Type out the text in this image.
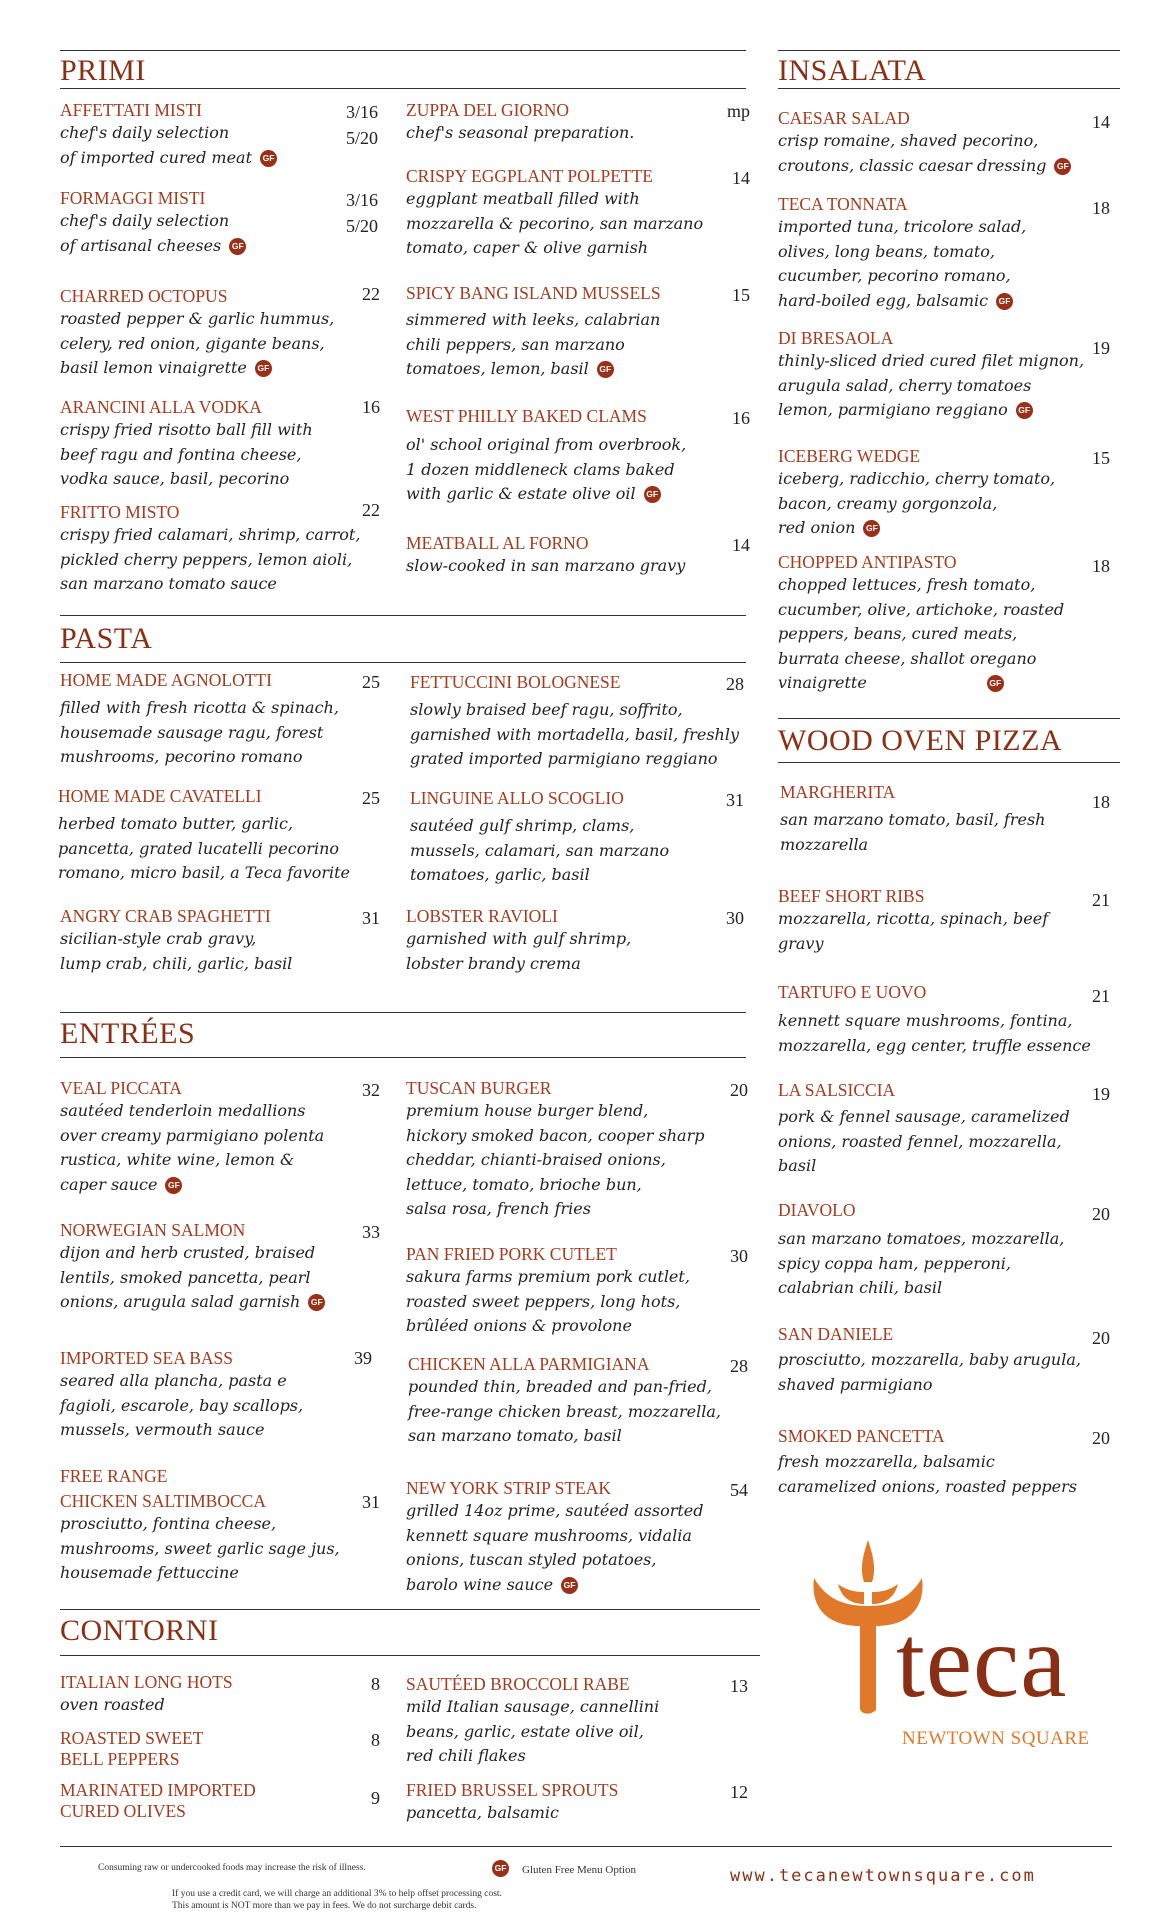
PRIMI
PASTA
ENTRÉES
CONTORNI
INSALATA
WOOD OVEN PIZZA
AFFETTATI MISTI
chef's daily selection
of imported cured meat GF
3/16
5/20
FORMAGGI MISTI
chef's daily selection
of artisanal cheeses GF
3/16
5/20
CHARRED OCTOPUS
roasted pepper & garlic hummus,
celery, red onion, gigante beans,
basil lemon vinaigrette GF
22
ARANCINI ALLA VODKA
crispy fried risotto ball fill with
beef ragu and fontina cheese,
vodka sauce, basil, pecorino
16
FRITTO MISTO
crispy fried calamari, shrimp, carrot,
pickled cherry peppers, lemon aioli,
san marzano tomato sauce
22
ZUPPA DEL GIORNO
chef's seasonal preparation.
mp
CRISPY EGGPLANT POLPETTE
eggplant meatball filled with
mozzarella & pecorino, san marzano
tomato, caper & olive garnish
14
SPICY BANG ISLAND MUSSELS
simmered with leeks, calabrian
chili peppers, san marzano
tomatoes, lemon, basil GF
15
WEST PHILLY BAKED CLAMS
ol' school original from overbrook,
1 dozen middleneck clams baked
with garlic & estate olive oil GF
16
MEATBALL AL FORNO
slow-cooked in san marzano gravy
14
HOME MADE AGNOLOTTI
filled with fresh ricotta & spinach,
housemade sausage ragu, forest
mushrooms, pecorino romano
25
HOME MADE CAVATELLI
herbed tomato butter, garlic,
pancetta, grated lucatelli pecorino
romano, micro basil, a Teca favorite
25
ANGRY CRAB SPAGHETTI
sicilian-style crab gravy,
lump crab, chili, garlic, basil
31
FETTUCCINI BOLOGNESE
slowly braised beef ragu, soffrito,
garnished with mortadella, basil, freshly
grated imported parmigiano reggiano
28
LINGUINE ALLO SCOGLIO
sautéed gulf shrimp, clams,
mussels, calamari, san marzano
tomatoes, garlic, basil
31
LOBSTER RAVIOLI
garnished with gulf shrimp,
lobster brandy crema
30
VEAL PICCATA
sautéed tenderloin medallions
over creamy parmigiano polenta
rustica, white wine, lemon &
caper sauce GF
32
NORWEGIAN SALMON
dijon and herb crusted, braised
lentils, smoked pancetta, pearl
onions, arugula salad garnish GF
33
IMPORTED SEA BASS
seared alla plancha, pasta e
fagioli, escarole, bay scallops,
mussels, vermouth sauce
39
FREE RANGE
CHICKEN SALTIMBOCCA
prosciutto, fontina cheese,
mushrooms, sweet garlic sage jus,
housemade fettuccine
31
TUSCAN BURGER
premium house burger blend,
hickory smoked bacon, cooper sharp
cheddar, chianti-braised onions,
lettuce, tomato, brioche bun,
salsa rosa, french fries
20
PAN FRIED PORK CUTLET
sakura farms premium pork cutlet,
roasted sweet peppers, long hots,
brûléed onions & provolone
30
CHICKEN ALLA PARMIGIANA
pounded thin, breaded and pan-fried,
free-range chicken breast, mozzarella,
san marzano tomato, basil
28
NEW YORK STRIP STEAK
grilled 14oz prime, sautéed assorted
kennett square mushrooms, vidalia
onions, tuscan styled potatoes,
barolo wine sauce GF
54
ITALIAN LONG HOTS
oven roasted
8
ROASTED SWEET
BELL PEPPERS
8
MARINATED IMPORTED
CURED OLIVES
9
SAUTÉED BROCCOLI RABE
mild Italian sausage, cannellini
beans, garlic, estate olive oil,
red chili flakes
13
FRIED BRUSSEL SPROUTS
pancetta, balsamic
12
CAESAR SALAD
crisp romaine, shaved pecorino,
croutons, classic caesar dressing GF
14
TECA TONNATA
imported tuna, tricolore salad,
olives, long beans, tomato,
cucumber, pecorino romano,
hard-boiled egg, balsamic GF
18
DI BRESAOLA
thinly-sliced dried cured filet mignon,
arugula salad, cherry tomatoes
lemon, parmigiano reggiano GF
19
ICEBERG WEDGE
iceberg, radicchio, cherry tomato,
bacon, creamy gorgonzola,
red onion GF
15
CHOPPED ANTIPASTO
chopped lettuces, fresh tomato,
cucumber, olive, artichoke, roasted
peppers, beans, cured meats,
burrata cheese, shallot oregano
vinaigrette	GF
18
MARGHERITA
san marzano tomato, basil, fresh
mozzarella
18
BEEF SHORT RIBS
mozzarella, ricotta, spinach, beef
gravy
21
TARTUFO E UOVO
kennett square mushrooms, fontina,
mozzarella, egg center, truffle essence
21
LA SALSICCIA
pork & fennel sausage, caramelized
onions, roasted fennel, mozzarella,
basil
19
DIAVOLO
san marzano tomatoes, mozzarella,
spicy coppa ham, pepperoni,
calabrian chili, basil
20
SAN DANIELE
prosciutto, mozzarella, baby arugula,
shaved parmigiano
20
SMOKED PANCETTA
fresh mozzarella, balsamic
caramelized onions, roasted peppers
20
teca
NEWTOWN SQUARE
Consuming raw or undercooked foods may increase the risk of illness.	GF Gluten Free Menu Option
If you use a credit card, we will charge an additional 3% to help offset processing cost.
This amount is NOT more than we pay in fees. We do not surcharge debit cards.
www.tecanewtownsquare.com
